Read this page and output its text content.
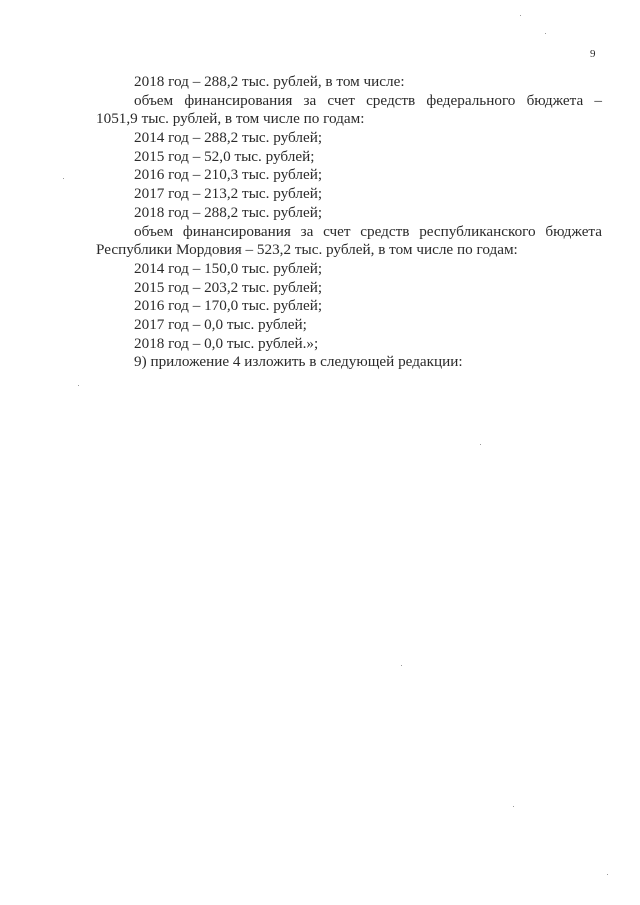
9
2018 год – 288,2 тыс. рублей, в том числе:
объем финансирования за счет средств федерального бюджета –
1051,9 тыс. рублей, в том числе по годам:
2014 год – 288,2 тыс. рублей;
2015 год – 52,0 тыс. рублей;
2016 год – 210,3 тыс. рублей;
2017 год – 213,2 тыс. рублей;
2018 год – 288,2 тыс. рублей;
объем финансирования за счет средств республиканского бюджета
Республики Мордовия – 523,2 тыс. рублей, в том числе по годам:
2014 год – 150,0 тыс. рублей;
2015 год – 203,2 тыс. рублей;
2016 год – 170,0 тыс. рублей;
2017 год – 0,0 тыс. рублей;
2018 год – 0,0 тыс. рублей.»;
9) приложение 4 изложить в следующей редакции:
